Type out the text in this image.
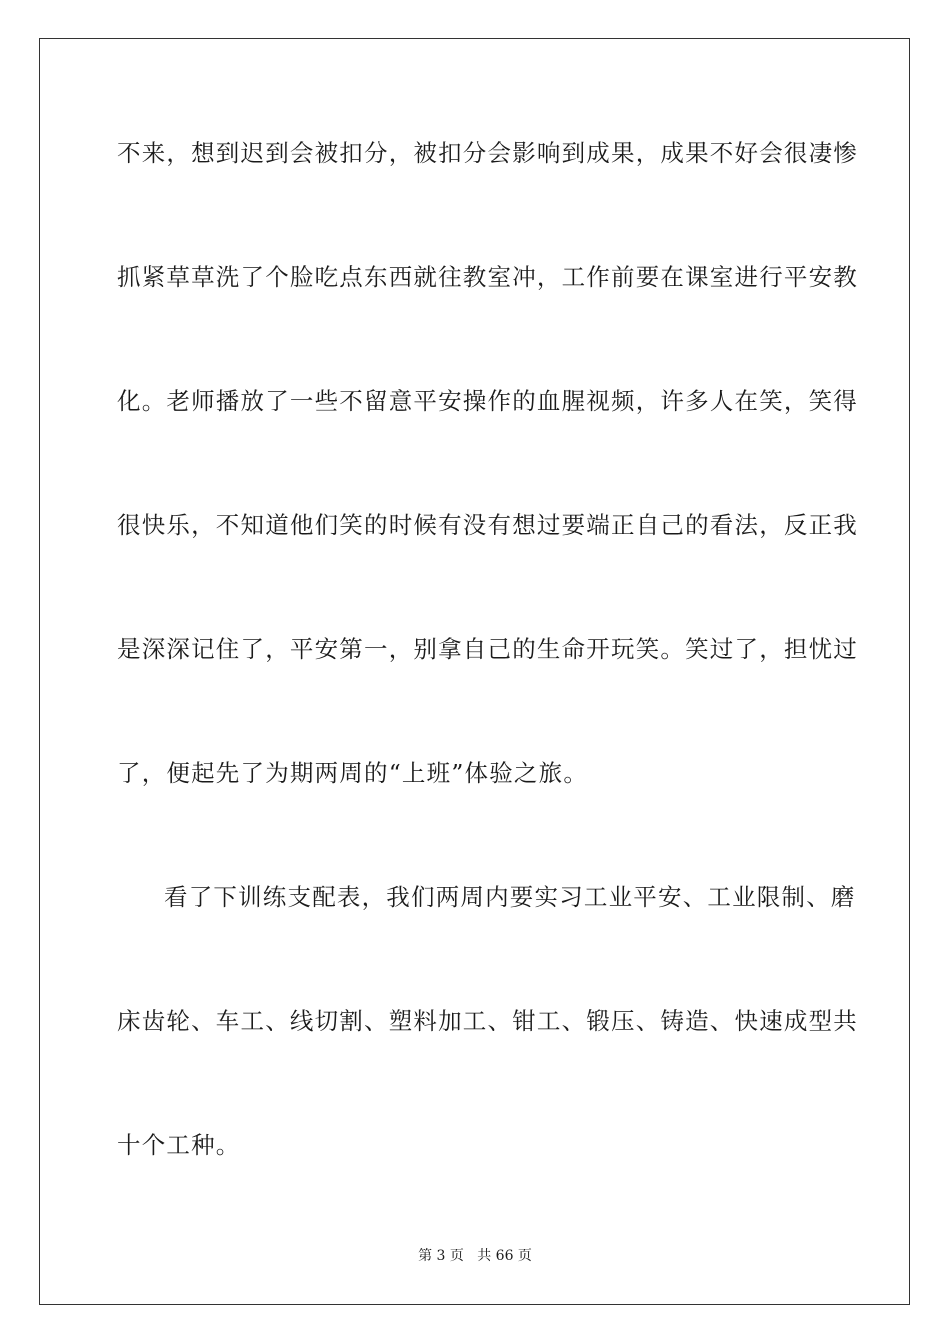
不来，想到迟到会被扣分，被扣分会影响到成果，成果不好会很凄惨
抓紧草草洗了个脸吃点东西就往教室冲，工作前要在课室进行平安教
化。老师播放了一些不留意平安操作的血腥视频，许多人在笑，笑得
很快乐，不知道他们笑的时候有没有想过要端正自己的看法，反正我
是深深记住了，平安第一，别拿自己的生命开玩笑。笑过了，担忧过
了，便起先了为期两周的“上班”体验之旅。
看了下训练支配表，我们两周内要实习工业平安、工业限制、磨
床齿轮、车工、线切割、塑料加工、钳工、锻压、铸造、快速成型共
十个工种。
第 3 页   共 66 页
